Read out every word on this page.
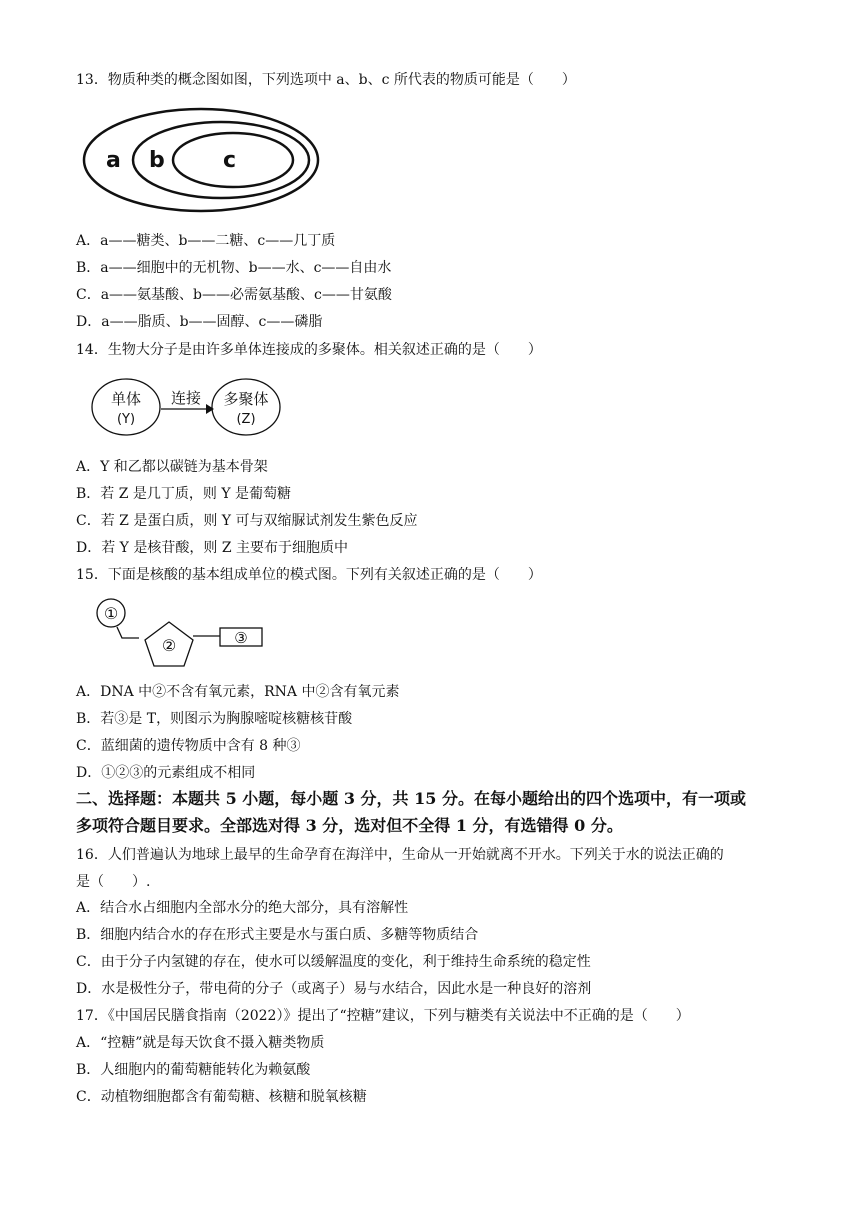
13．物质种类的概念图如图，下列选项中 a、b、c 所代表的物质可能是（　　）
a b	c
A．a——糖类、b——二糖、c——几丁质
B．a——细胞中的无机物、b——水、c——自由水
C．a——氨基酸、b——必需氨基酸、c——甘氨酸
D．a——脂质、b——固醇、c——磷脂
14．生物大分子是由许多单体连接成的多聚体。相关叙述正确的是（　　）
单体
(Y)
连接 多聚体
(Z)
A．Y 和乙都以碳链为基本骨架
B．若 Z 是几丁质，则 Y 是葡萄糖
C．若 Z 是蛋白质，则 Y 可与双缩脲试剂发生紫色反应
D．若 Y 是核苷酸，则 Z 主要布于细胞质中
15．下面是核酸的基本组成单位的模式图。下列有关叙述正确的是（　　）
①
②	③
A．DNA 中②不含有氧元素，RNA 中②含有氧元素
B．若③是 T，则图示为胸腺嘧啶核糖核苷酸
C．蓝细菌的遗传物质中含有 8 种③
D．①②③的元素组成不相同
二、选择题：本题共 5 小题，每小题 3 分，共 15 分。在每小题给出的四个选项中，有一项或
多项符合题目要求。全部选对得 3 分，选对但不全得 1 分，有选错得 0 分。
16．人们普遍认为地球上最早的生命孕育在海洋中，生命从一开始就离不开水。下列关于水的说法正确的
是（　　）.
A．结合水占细胞内全部水分的绝大部分，具有溶解性
B．细胞内结合水的存在形式主要是水与蛋白质、多糖等物质结合
C．由于分子内氢键的存在，使水可以缓解温度的变化，利于维持生命系统的稳定性
D．水是极性分子，带电荷的分子（或离子）易与水结合，因此水是一种良好的溶剂
17．《中国居民膳食指南（2022）》提出了“控糖”建议，下列与糖类有关说法中不正确的是（　　）
A．“控糖”就是每天饮食不摄入糖类物质
B．人细胞内的葡萄糖能转化为赖氨酸
C．动植物细胞都含有葡萄糖、核糖和脱氧核糖
